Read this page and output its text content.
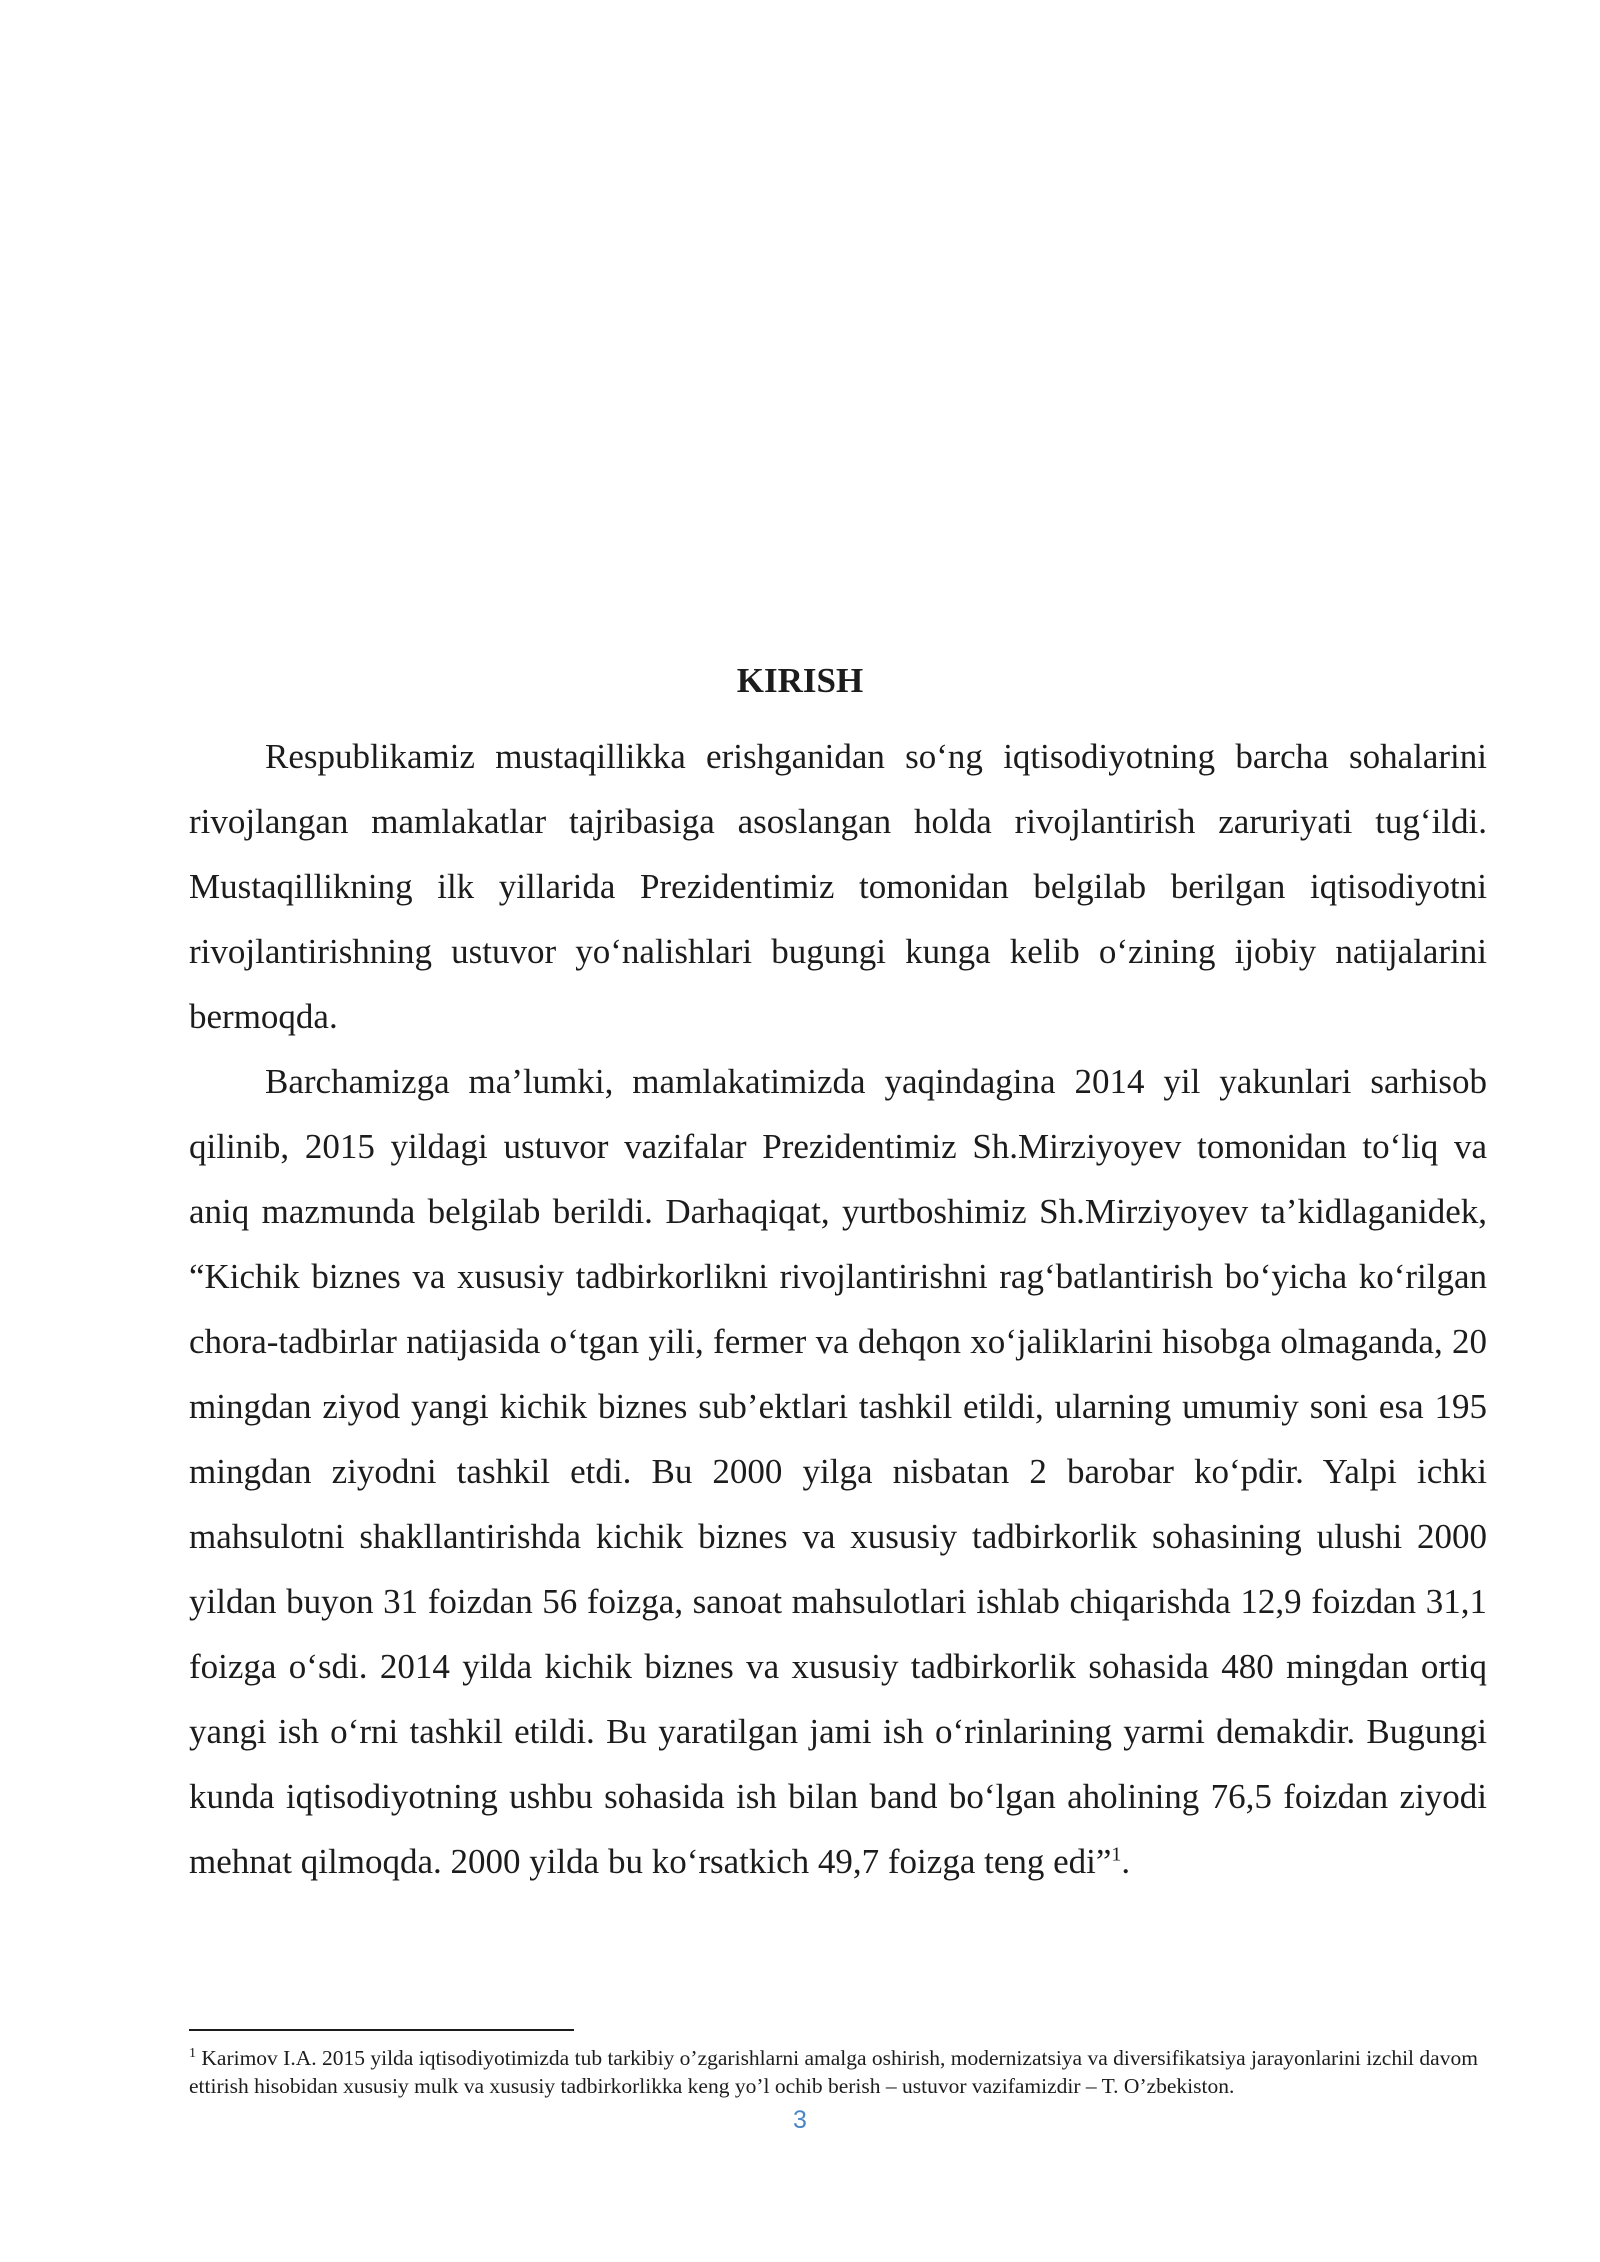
KIRISH

Respublikamiz mustaqillikka erishganidan so‘ng iqtisodiyotning barcha sohalarini rivojlangan mamlakatlar tajribasiga asoslangan holda rivojlantirish zaruriyati tug‘ildi. Mustaqillikning ilk yillarida Prezidentimiz tomonidan belgilab berilgan iqtisodiyotni rivojlantirishning ustuvor yo‘nalishlari bugungi kunga kelib o‘zining ijobiy natijalarini bermoqda.

Barchamizga ma’lumki, mamlakatimizda yaqindagina 2014 yil yakunlari sarhisob qilinib, 2015 yildagi ustuvor vazifalar Prezidentimiz Sh.Mirziyoyev tomonidan to‘liq va aniq mazmunda belgilab berildi. Darhaqiqat, yurtboshimiz Sh.Mirziyoyev ta’kidlaganidek, “Kichik biznes va xususiy tadbirkorlikni rivojlantirishni rag‘batlantirish bo‘yicha ko‘rilgan chora-tadbirlar natijasida o‘tgan yili, fermer va dehqon xo‘jaliklarini hisobga olmaganda, 20 mingdan ziyod yangi kichik biznes sub’ektlari tashkil etildi, ularning umumiy soni esa 195 mingdan ziyodni tashkil etdi. Bu 2000 yilga nisbatan 2 barobar ko‘pdir. Yalpi ichki mahsulotni shakllantirishda kichik biznes va xususiy tadbirkorlik sohasining ulushi 2000 yildan buyon 31 foizdan 56 foizga, sanoat mahsulotlari ishlab chiqarishda 12,9 foizdan 31,1 foizga o‘sdi. 2014 yilda kichik biznes va xususiy tadbirkorlik sohasida 480 mingdan ortiq yangi ish o‘rni tashkil etildi. Bu yaratilgan jami ish o‘rinlarining yarmi demakdir. Bugungi kunda iqtisodiyotning ushbu sohasida ish bilan band bo‘lgan aholining 76,5 foizdan ziyodi mehnat qilmoqda. 2000 yilda bu ko‘rsatkich 49,7 foizga teng edi”$^1$.

$^1$ Karimov I.A. 2015 yilda iqtisodiyotimizda tub tarkibiy o’zgarishlarni amalga oshirish, modernizatsiya va diversifikatsiya jarayonlarini izchil davom ettirish hisobidan xususiy mulk va xususiy tadbirkorlikka keng yo’l ochib berish – ustuvor vazifamizdir – T. O’zbekiston.

3
